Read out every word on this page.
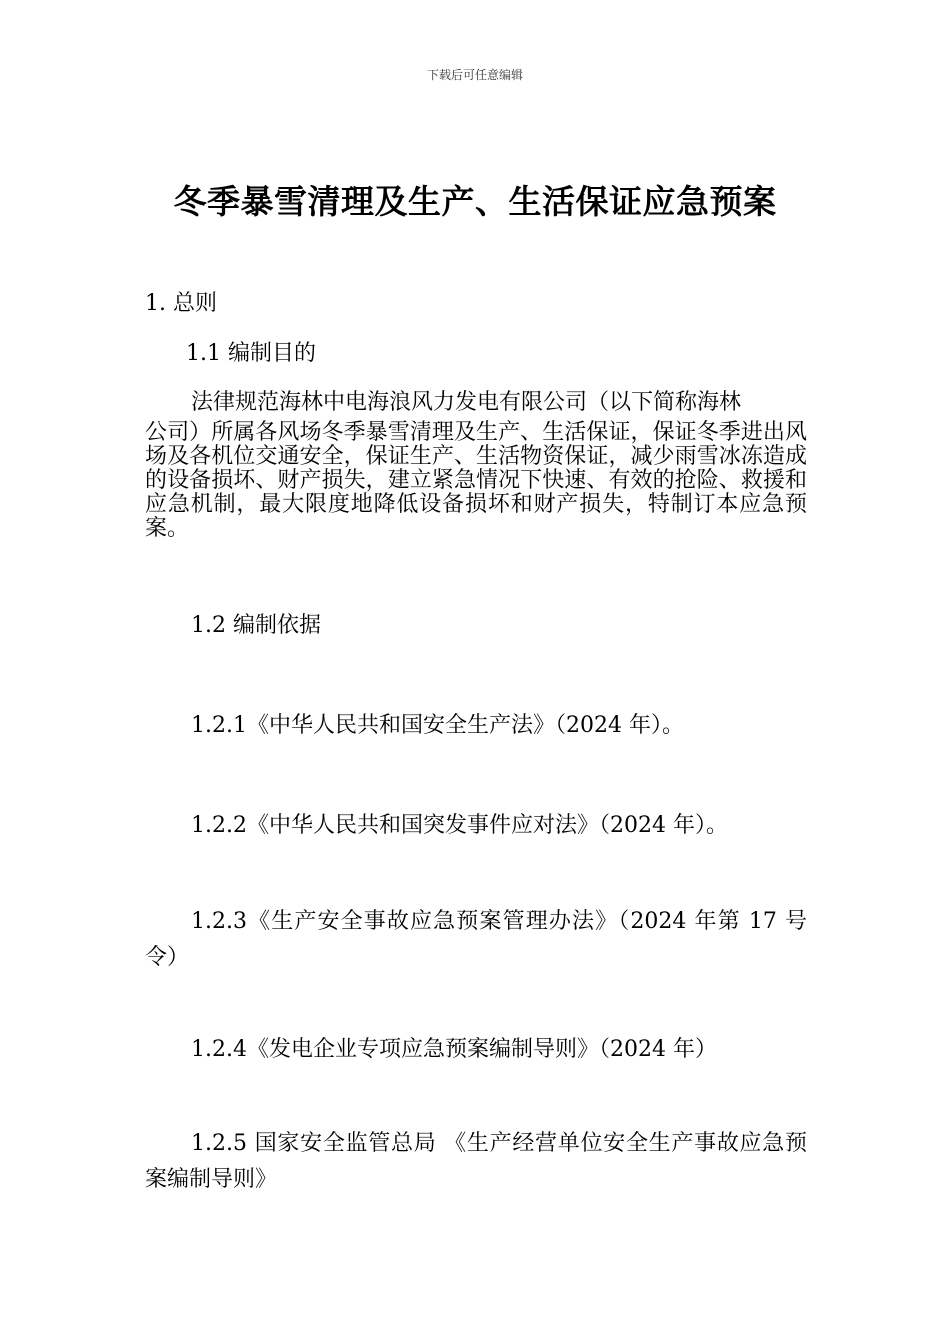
下载后可任意编辑
冬季暴雪清理及生产、生活保证应急预案
1. 总则
1.1 编制目的
法律规范海林中电海浪风力发电有限公司（以下简称海林
公司）所属各风场冬季暴雪清理及生产、生活保证，保证冬季进出风场及各机位交通安全，保证生产、生活物资保证，减少雨雪冰冻造成的设备损坏、财产损失，建立紧急情况下快速、有效的抢险、救援和应急机制，最大限度地降低设备损坏和财产损失，特制订本应急预案。
1.2 编制依据
1.2.1《中华人民共和国安全生产法》（2024 年）。
1.2.2《中华人民共和国突发事件应对法》（2024 年）。
1.2.3《生产安全事故应急预案管理办法》（2024 年第 17 号令）
1.2.4《发电企业专项应急预案编制导则》（2024 年）
1.2.5 国家安全监管总局 《生产经营单位安全生产事故应急预案编制导则》
